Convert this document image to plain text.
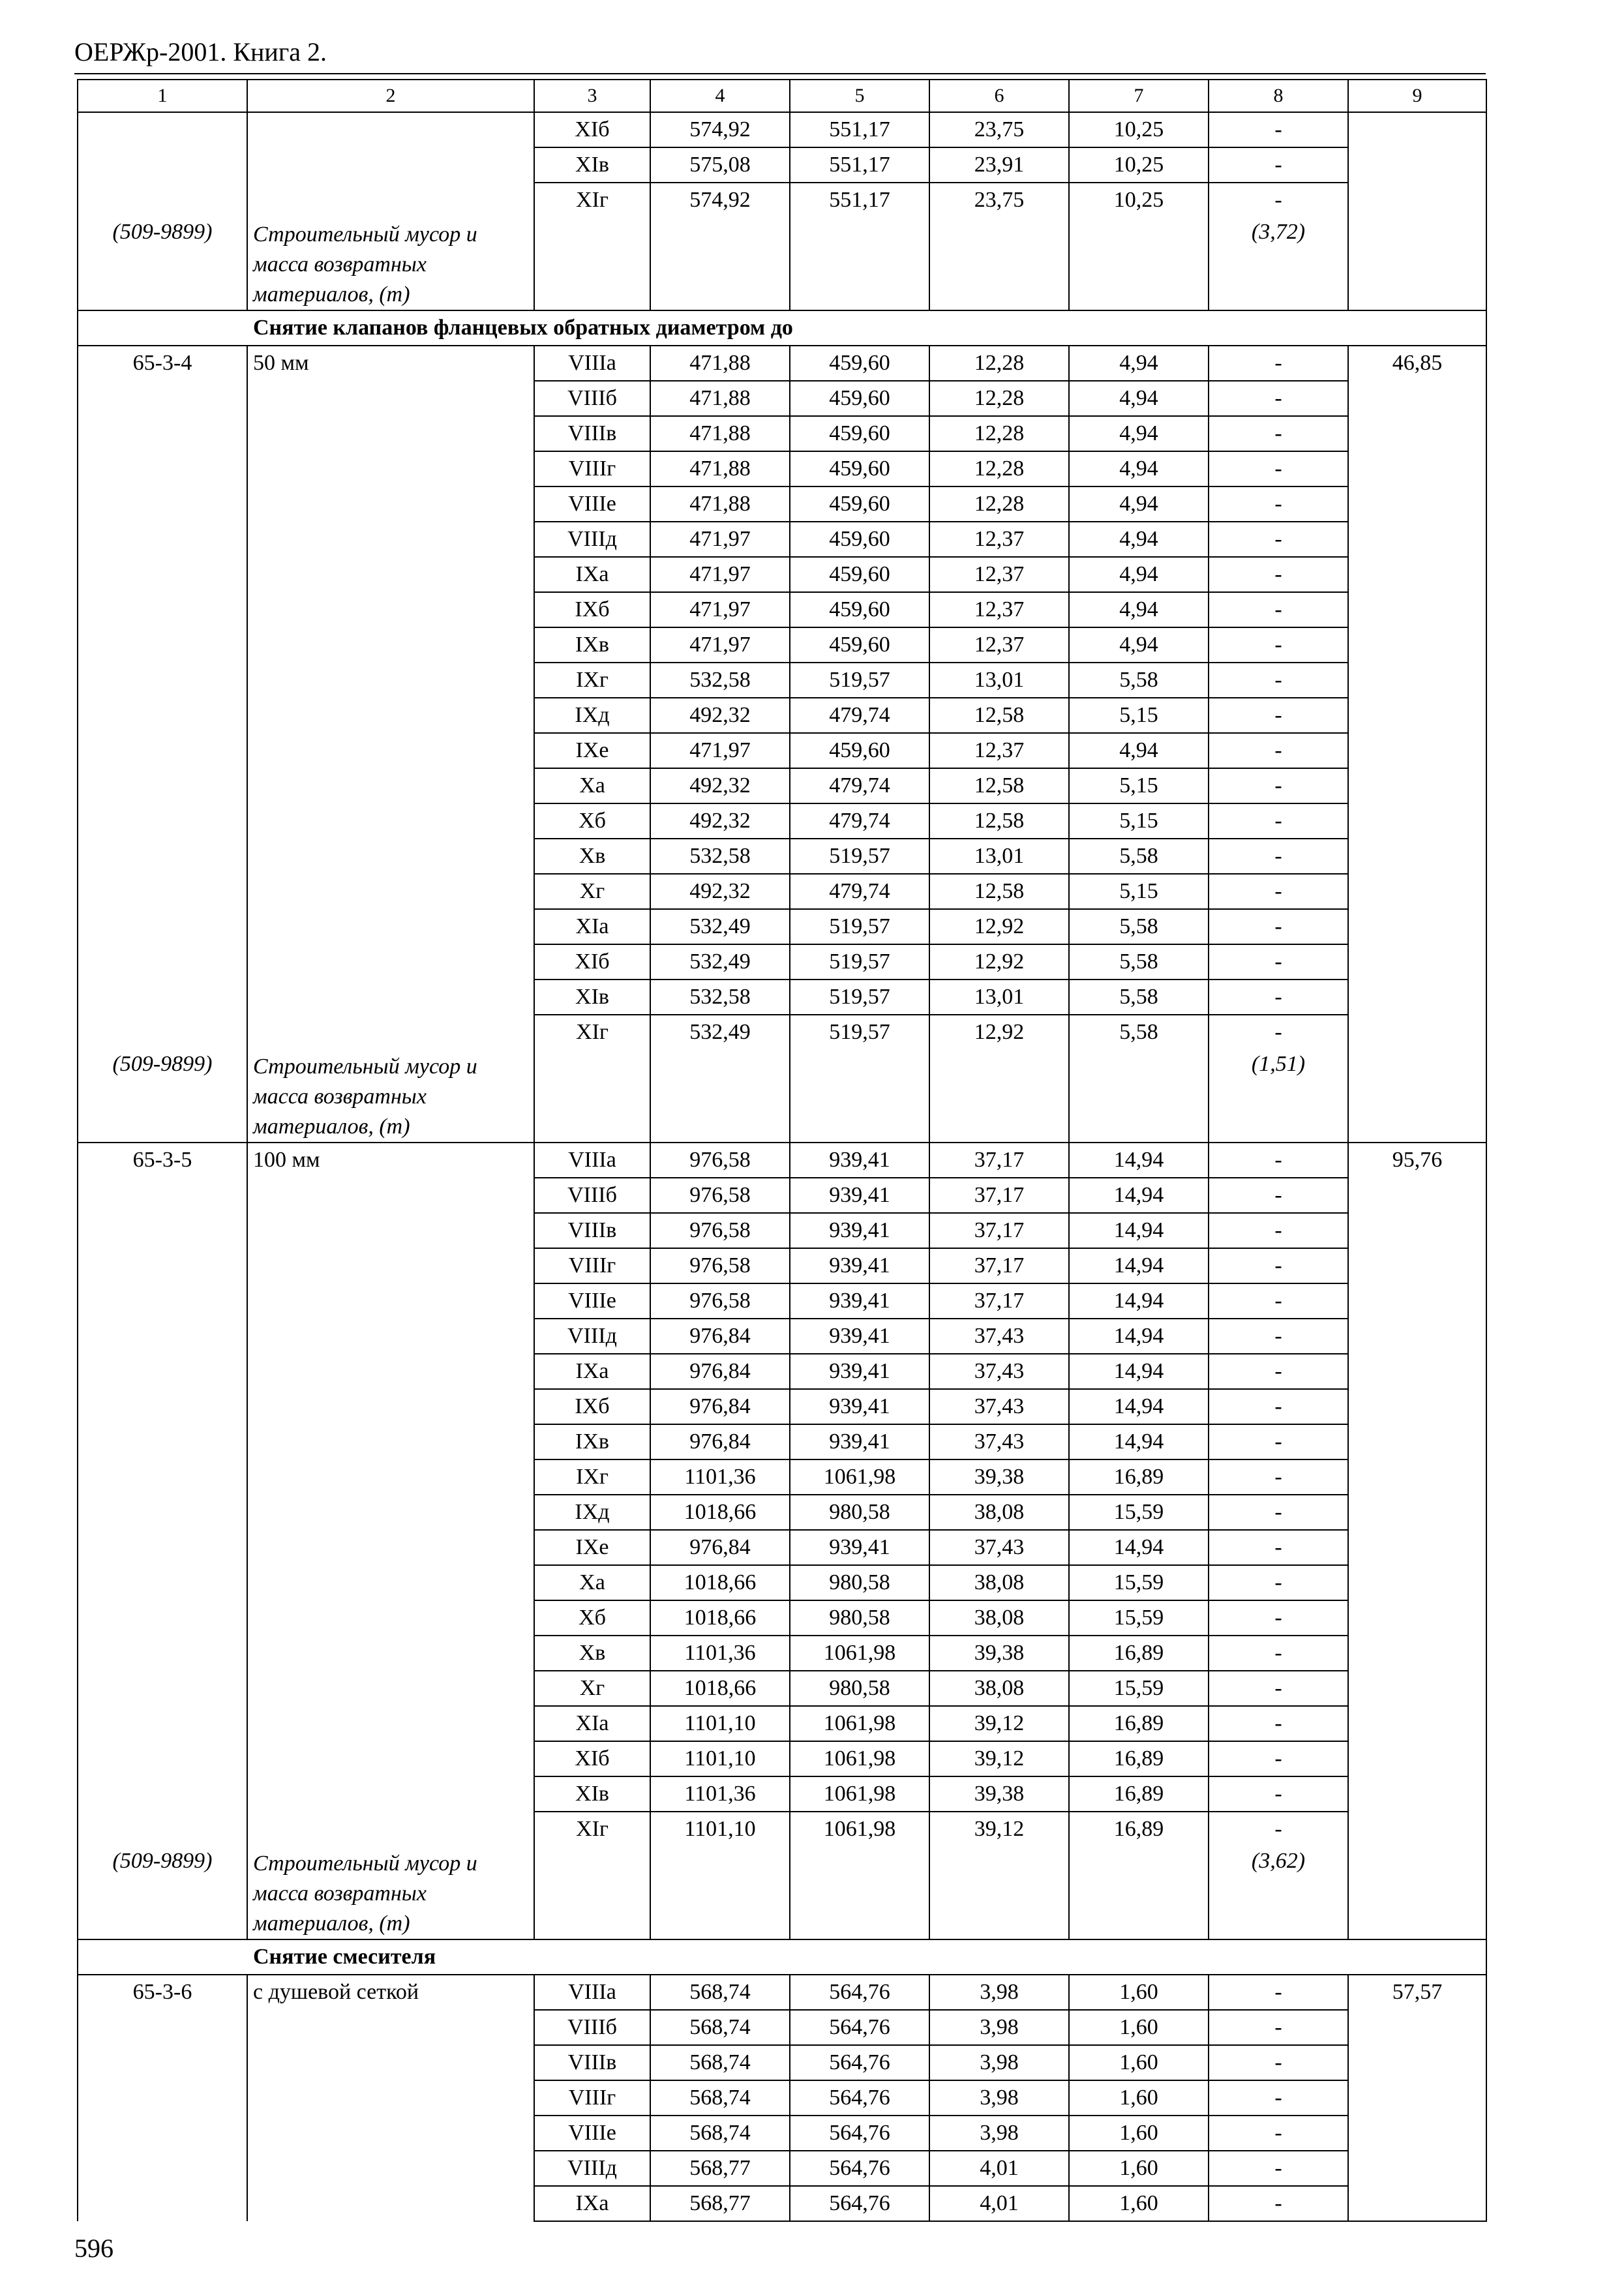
ОЕРЖр-2001. Книга 2.
1	2	3	4	5	6	7	8	9
		XIб	574,92	551,17	23,75	10,25	-	
		XIв	575,08	551,17	23,91	10,25	-	
		XIг	574,92	551,17	23,75	10,25	-	
(509-9899)	Строительный мусор и масса возвратных материалов, (т)						(3,72)	
Снятие клапанов фланцевых обратных диаметром до								
65-3-4	50 мм	VIIIа	471,88	459,60	12,28	4,94	-	46,85
		VIIIб	471,88	459,60	12,28	4,94	-	
		VIIIв	471,88	459,60	12,28	4,94	-	
		VIIIг	471,88	459,60	12,28	4,94	-	
		VIIIе	471,88	459,60	12,28	4,94	-	
		VIIIд	471,97	459,60	12,37	4,94	-	
		IXа	471,97	459,60	12,37	4,94	-	
		IXб	471,97	459,60	12,37	4,94	-	
		IXв	471,97	459,60	12,37	4,94	-	
		IXг	532,58	519,57	13,01	5,58	-	
		IXд	492,32	479,74	12,58	5,15	-	
		IXе	471,97	459,60	12,37	4,94	-	
		Xа	492,32	479,74	12,58	5,15	-	
		Xб	492,32	479,74	12,58	5,15	-	
		Xв	532,58	519,57	13,01	5,58	-	
		Xг	492,32	479,74	12,58	5,15	-	
		XIа	532,49	519,57	12,92	5,58	-	
		XIб	532,49	519,57	12,92	5,58	-	
		XIв	532,58	519,57	13,01	5,58	-	
		XIг	532,49	519,57	12,92	5,58	-	
(509-9899)	Строительный мусор и масса возвратных материалов, (т)						(1,51)	
65-3-5	100 мм	VIIIа	976,58	939,41	37,17	14,94	-	95,76
		VIIIб	976,58	939,41	37,17	14,94	-	
		VIIIв	976,58	939,41	37,17	14,94	-	
		VIIIг	976,58	939,41	37,17	14,94	-	
		VIIIе	976,58	939,41	37,17	14,94	-	
		VIIIд	976,84	939,41	37,43	14,94	-	
		IXа	976,84	939,41	37,43	14,94	-	
		IXб	976,84	939,41	37,43	14,94	-	
		IXв	976,84	939,41	37,43	14,94	-	
		IXг	1101,36	1061,98	39,38	16,89	-	
		IXд	1018,66	980,58	38,08	15,59	-	
		IXе	976,84	939,41	37,43	14,94	-	
		Xа	1018,66	980,58	38,08	15,59	-	
		Xб	1018,66	980,58	38,08	15,59	-	
		Xв	1101,36	1061,98	39,38	16,89	-	
		Xг	1018,66	980,58	38,08	15,59	-	
		XIа	1101,10	1061,98	39,12	16,89	-	
		XIб	1101,10	1061,98	39,12	16,89	-	
		XIв	1101,36	1061,98	39,38	16,89	-	
		XIг	1101,10	1061,98	39,12	16,89	-	
(509-9899)	Строительный мусор и масса возвратных материалов, (т)						(3,62)	
Снятие смесителя								
65-3-6	с душевой сеткой	VIIIа	568,74	564,76	3,98	1,60	-	57,57
		VIIIб	568,74	564,76	3,98	1,60	-	
		VIIIв	568,74	564,76	3,98	1,60	-	
		VIIIг	568,74	564,76	3,98	1,60	-	
		VIIIе	568,74	564,76	3,98	1,60	-	
		VIIIд	568,77	564,76	4,01	1,60	-	
		IXа	568,77	564,76	4,01	1,60	-	
596
